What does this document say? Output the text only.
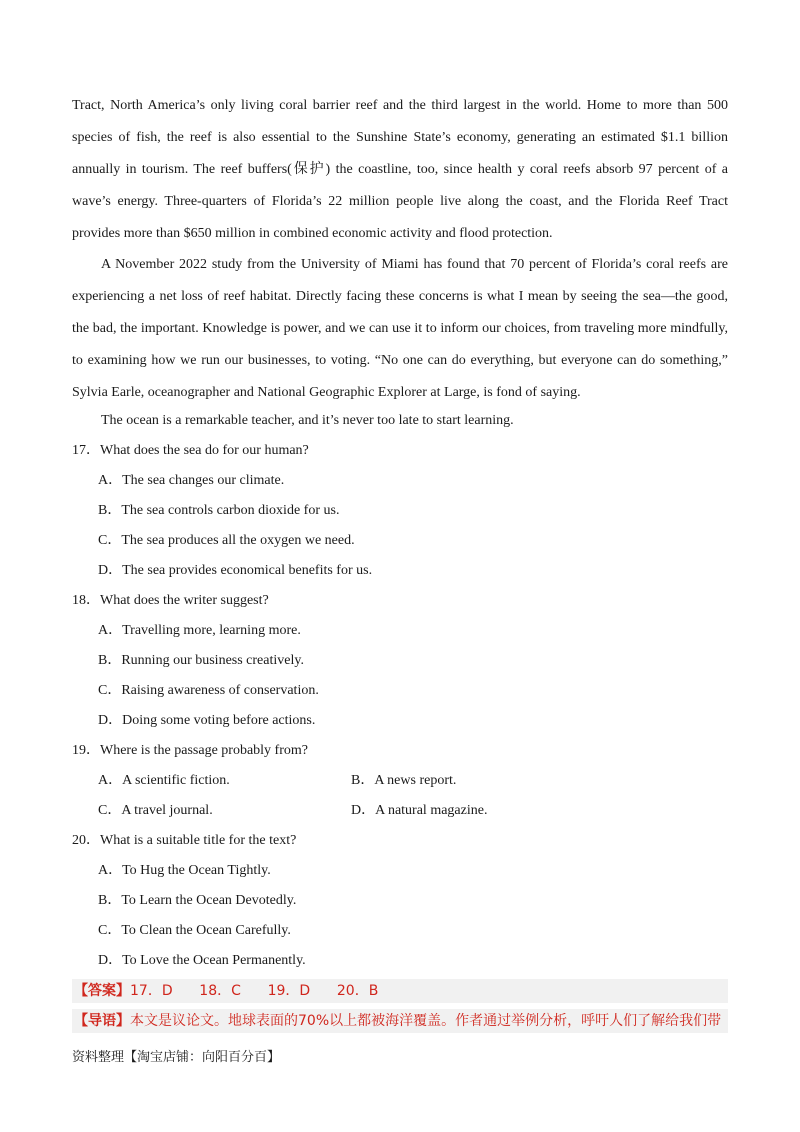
Tract, North America’s only living coral barrier reef and the third largest in the world. Home to more than 500 species of fish, the reef is also essential to the Sunshine State’s economy, generating an estimated $1.1 billion annually in tourism. The reef buffers(保护) the coastline, too, since health y coral reefs absorb 97 percent of a wave’s energy. Three-quarters of Florida’s 22 million people live along the coast, and the Florida Reef Tract provides more than $650 million in combined economic activity and flood protection.

A November 2022 study from the University of Miami has found that 70 percent of Florida’s coral reefs are experiencing a net loss of reef habitat. Directly facing these concerns is what I mean by seeing the sea—the good, the bad, the important. Knowledge is power, and we can use it to inform our choices, from traveling more mindfully, to examining how we run our businesses, to voting. “No one can do everything, but everyone can do something,” Sylvia Earle, oceanographer and National Geographic Explorer at Large, is fond of saying.

The ocean is a remarkable teacher, and it’s never too late to start learning.
17．What does the sea do for our human?
A．The sea changes our climate.
B．The sea controls carbon dioxide for us.
C．The sea produces all the oxygen we need.
D．The sea provides economical benefits for us.
18．What does the writer suggest?
A．Travelling more, learning more.
B．Running our business creatively.
C．Raising awareness of conservation.
D．Doing some voting before actions.
19．Where is the passage probably from?
A．A scientific fiction.	B．A news report.
C．A travel journal.	D．A natural magazine.
20．What is a suitable title for the text?
A．To Hug the Ocean Tightly.
B．To Learn the Ocean Devotedly.
C．To Clean the Ocean Carefully.
D．To Love the Ocean Permanently.
【答案】17．D      18．C      19．D      20．B
【导语】本文是议论文。地球表面的70%以上都被海洋覆盖。作者通过举例分析，呼吁人们了解给我们带
资料整理【淘宝店铺：向阳百分百】
